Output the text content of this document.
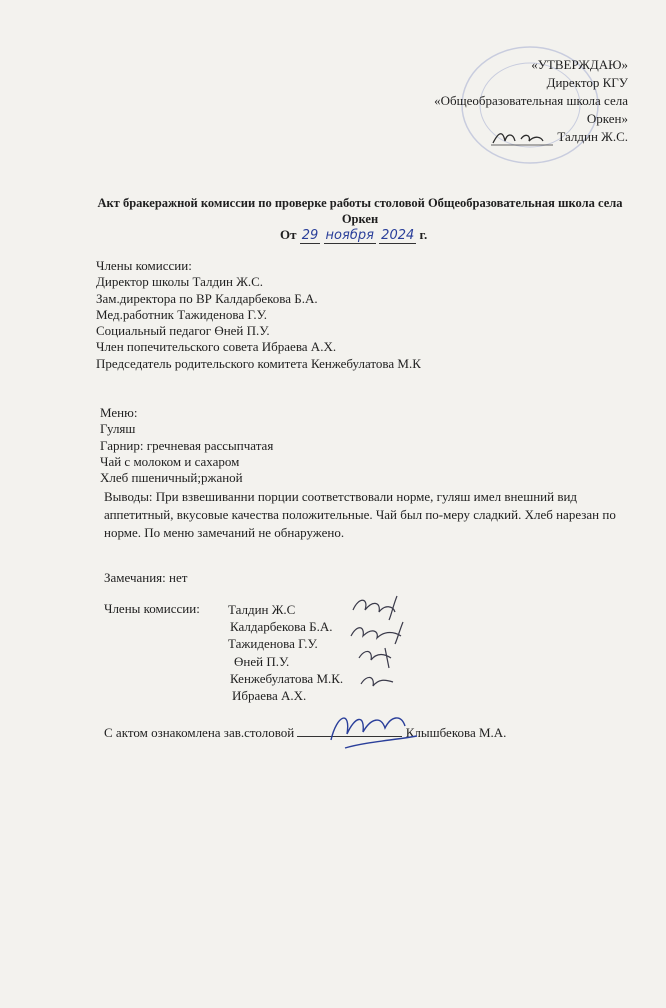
«УТВЕРЖДАЮ»
Директор КГУ
«Общеобразовательная школа села
Оркен»
Талдин Ж.С.
Акт бракеражной комиссии по проверке работы столовой Общеобразовательная школа села Оркен
От 29 ноября 2024 г.
Члены комиссии:
Директор школы Талдин Ж.С.
Зам.директора по ВР Калдарбекова Б.А.
Мед.работник Тажиденова Г.У.
Социальный педагог Өней П.У.
Член попечительского совета Ибраева А.Х.
Председатель родительского комитета Кенжебулатова М.К
Меню:
Гуляш
Гарнир: гречневая рассыпчатая
Чай с молоком и сахаром
Хлеб пшеничный;ржаной
Выводы: При взвешиванни порции соответствовали норме, гуляш имел внешний вид аппетитный, вкусовые качества положительные. Чай был по-меру сладкий. Хлеб нарезан по норме. По меню замечаний не обнаружено.
Замечания: нет
Члены комиссии: Талдин Ж.С
Калдарбекова Б.А.
Тажиденова Г.У.
Өней П.У.
Кенжебулатова М.К.
Ибраева А.Х.
С актом ознакомлена зав.столовой	Клышбекова М.А.
